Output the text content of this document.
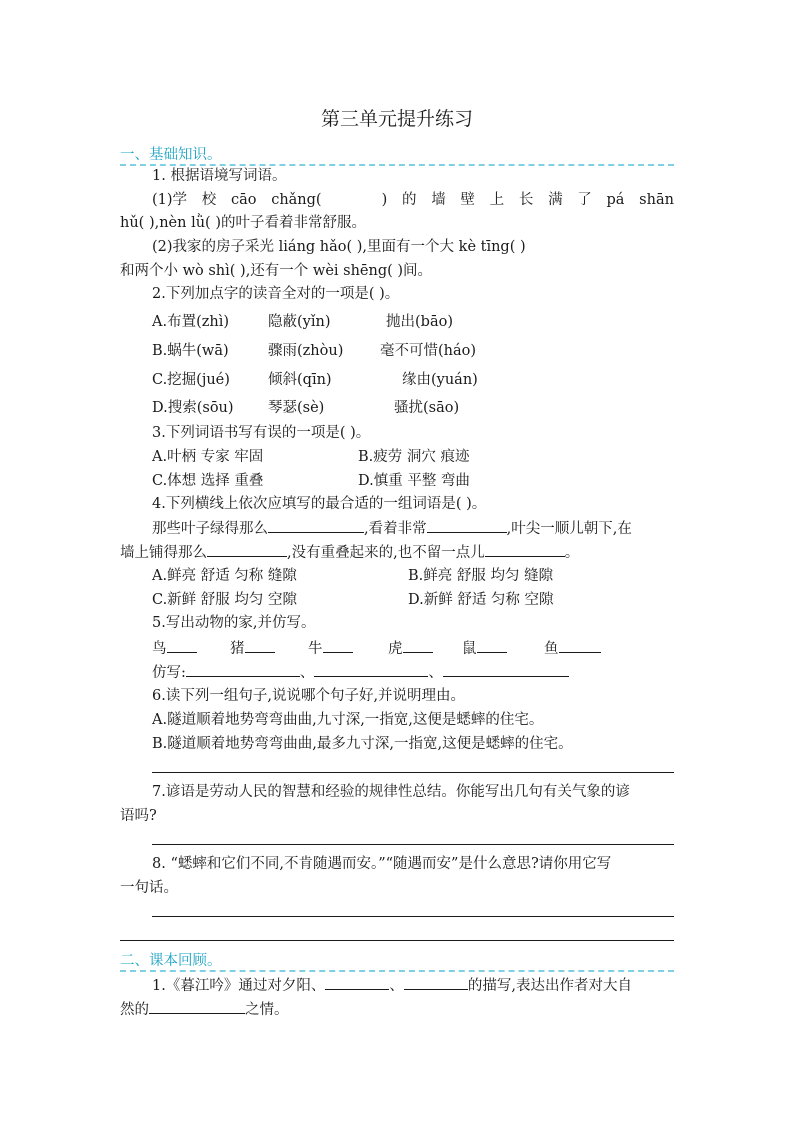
第三单元提升练习
一、基础知识。
1. 根据语境写词语。
(1)学 校 cāo chǎng(	) 的 墙 壁 上 长 满 了 pá shān
hǔ( ),nèn lǜ( )的叶子看着非常舒服。
(2)我家的房子采光 liáng hǎo( ),里面有一个大 kè tīng( )
和两个小 wò shì( ),还有一个 wèi shēng( )间。
2.下列加点字的读音全对的一项是( )。
A.布置(zhì)	隐蔽(yǐn)	抛出(bāo)
B.蜗牛(wā)	骤雨(zhòu)	毫不可惜(háo)
C.挖掘(jué)	倾斜(qīn)	缘由(yuán)
D.搜索(sōu) 琴瑟(sè)	骚扰(sāo)
3.下列词语书写有误的一项是( )。
A.叶柄 专家 牢固	B.疲劳 洞穴 痕迹
C.体想 选择 重叠	D.慎重 平整 弯曲
4.下列横线上依次应填写的最合适的一组词语是( )。
那些叶子绿得那么	,看着非常	,叶尖一顺儿朝下,在
墙上铺得那么	,没有重叠起来的,也不留一点儿	。
A.鲜亮 舒适 匀称 缝隙	B.鲜亮 舒服 均匀 缝隙
C.新鲜 舒服 均匀 空隙	D.新鲜 舒适 匀称 空隙
5.写出动物的家,并仿写。
鸟	猪	牛	虎	鼠	鱼
仿写:	、	、
6.读下列一组句子,说说哪个句子好,并说明理由。
A.隧道顺着地势弯弯曲曲,九寸深,一指宽,这便是蟋蟀的住宅。
B.隧道顺着地势弯弯曲曲,最多九寸深,一指宽,这便是蟋蟀的住宅。
7.谚语是劳动人民的智慧和经验的规律性总结。你能写出几句有关气象的谚
语吗?
8. “蟋蟀和它们不同,不肯随遇而安。”“随遇而安”是什么意思?请你用它写
一句话。
二、课本回顾。
1.《暮江吟》通过对夕阳、	、	的描写,表达出作者对大自
然的	之情。
